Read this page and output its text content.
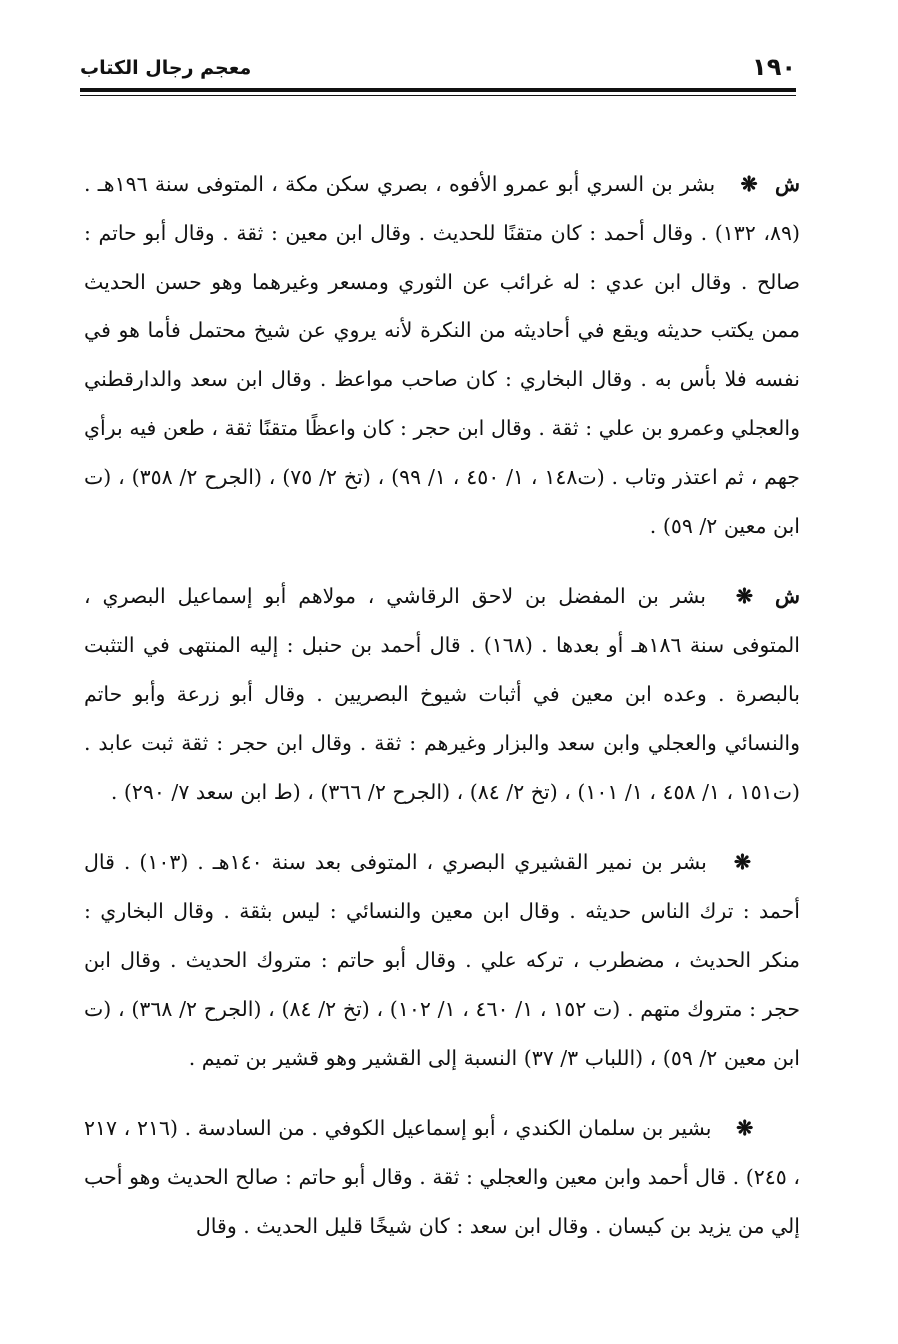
١٩٠
معجم رجال الكتاب

ش ❋ بشر بن السري أبو عمرو الأفوه ، بصري سكن مكة ، المتوفى سنة ١٩٦هـ . (٨٩، ١٣٢) . وقال أحمد : كان متقنًا للحديث . وقال ابن معين : ثقة . وقال أبو حاتم : صالح . وقال ابن عدي : له غرائب عن الثوري ومسعر وغيرهما وهو حسن الحديث ممن يكتب حديثه ويقع في أحاديثه من النكرة لأنه يروي عن شيخ محتمل فأما هو في نفسه فلا بأس به . وقال البخاري : كان صاحب مواعظ . وقال ابن سعد والدارقطني والعجلي وعمرو بن علي : ثقة . وقال ابن حجر : كان واعظًا متقنًا ثقة ، طعن فيه برأي جهم ، ثم اعتذر وتاب . (ت١٤٨ ، ١/ ٤٥٠ ، ١/ ٩٩) ، (تخ ٢/ ٧٥) ، (الجرح ٢/ ٣٥٨) ، (ت ابن معين ٢/ ٥٩) .

ش ❋ بشر بن المفضل بن لاحق الرقاشي ، مولاهم أبو إسماعيل البصري ، المتوفى سنة ١٨٦هـ أو بعدها . (١٦٨) . قال أحمد بن حنبل : إليه المنتهى في التثبت بالبصرة . وعده ابن معين في أثبات شيوخ البصريين . وقال أبو زرعة وأبو حاتم والنسائي والعجلي وابن سعد والبزار وغيرهم : ثقة . وقال ابن حجر : ثقة ثبت عابد . (ت١٥١ ، ١/ ٤٥٨ ، ١/ ١٠١) ، (تخ ٢/ ٨٤) ، (الجرح ٢/ ٣٦٦) ، (ط ابن سعد ٧/ ٢٩٠) .

❋ بشر بن نمير القشيري البصري ، المتوفى بعد سنة ١٤٠هـ . (١٠٣) . قال أحمد : ترك الناس حديثه . وقال ابن معين والنسائي : ليس بثقة . وقال البخاري : منكر الحديث ، مضطرب ، تركه علي . وقال أبو حاتم : متروك الحديث . وقال ابن حجر : متروك متهم . (ت ١٥٢ ، ١/ ٤٦٠ ، ١/ ١٠٢) ، (تخ ٢/ ٨٤) ، (الجرح ٢/ ٣٦٨) ، (ت ابن معين ٢/ ٥٩) ، (اللباب ٣/ ٣٧) النسبة إلى القشير وهو قشير بن تميم .

❋ بشير بن سلمان الكندي ، أبو إسماعيل الكوفي . من السادسة . (٢١٦ ، ٢١٧ ، ٢٤٥) . قال أحمد وابن معين والعجلي : ثقة . وقال أبو حاتم : صالح الحديث وهو أحب إلي من يزيد بن كيسان . وقال ابن سعد : كان شيخًا قليل الحديث . وقال
